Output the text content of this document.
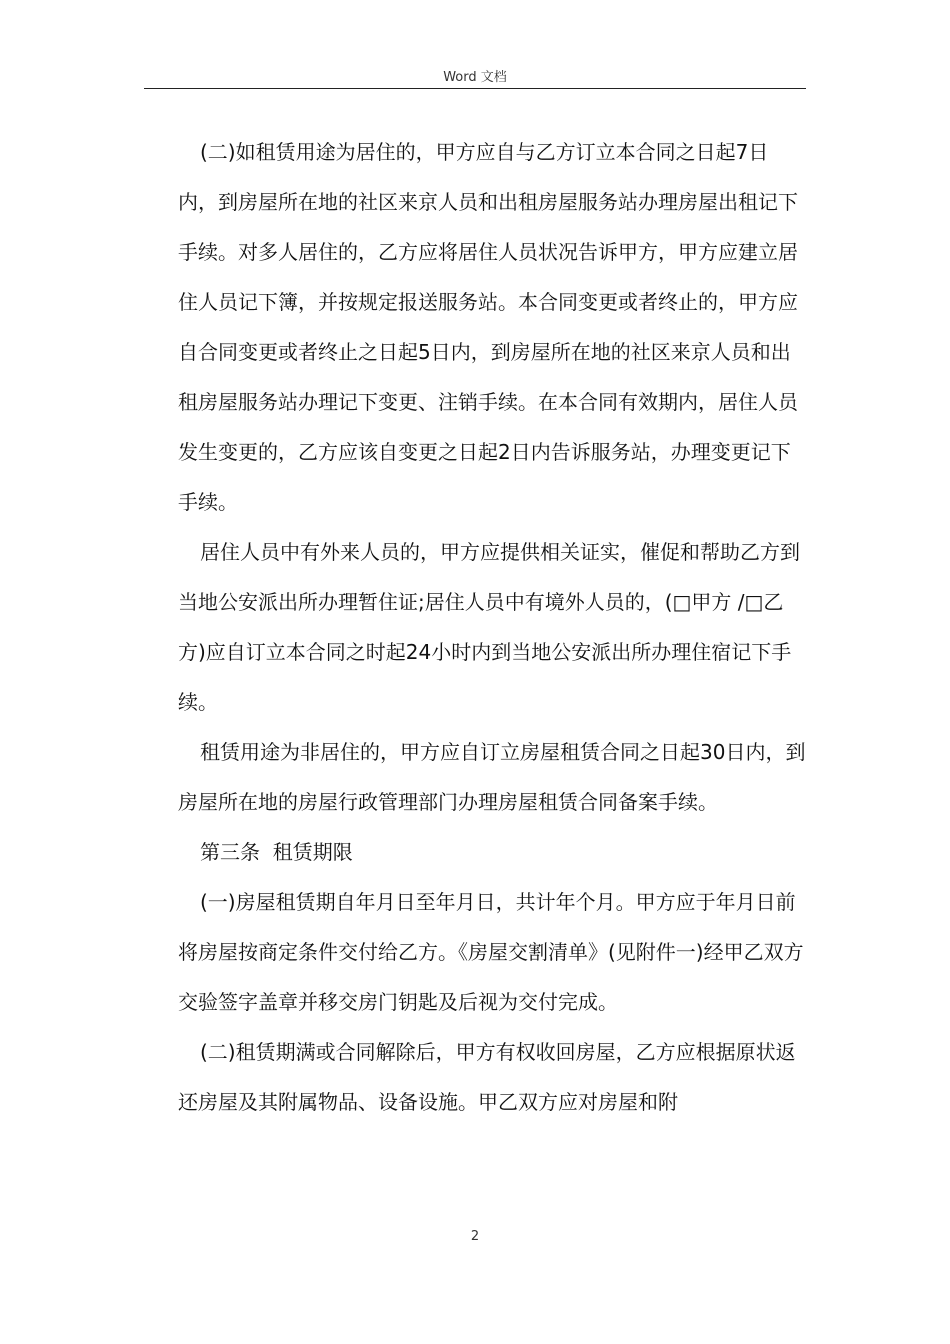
Word 文档

(二)如租赁用途为居住的，甲方应自与乙方订立本合同之日起7日内，到房屋所在地的社区来京人员和出租房屋服务站办理房屋出租记下手续。对多人居住的，乙方应将居住人员状况告诉甲方，甲方应建立居住人员记下簿，并按规定报送服务站。本合同变更或者终止的，甲方应自合同变更或者终止之日起5日内，到房屋所在地的社区来京人员和出租房屋服务站办理记下变更、注销手续。在本合同有效期内，居住人员发生变更的，乙方应该自变更之日起2日内告诉服务站，办理变更记下手续。

居住人员中有外来人员的，甲方应提供相关证实，催促和帮助乙方到当地公安派出所办理暂住证;居住人员中有境外人员的，(□甲方 /□乙方)应自订立本合同之时起24小时内到当地公安派出所办理住宿记下手续。

租赁用途为非居住的，甲方应自订立房屋租赁合同之日起30日内，到房屋所在地的房屋行政管理部门办理房屋租赁合同备案手续。

第三条  租赁期限

(一)房屋租赁期自年月日至年月日，共计年个月。甲方应于年月日前将房屋按商定条件交付给乙方。《房屋交割清单》(见附件一)经甲乙双方交验签字盖章并移交房门钥匙及后视为交付完成。

(二)租赁期满或合同解除后，甲方有权收回房屋，乙方应根据原状返还房屋及其附属物品、设备设施。甲乙双方应对房屋和附

2
